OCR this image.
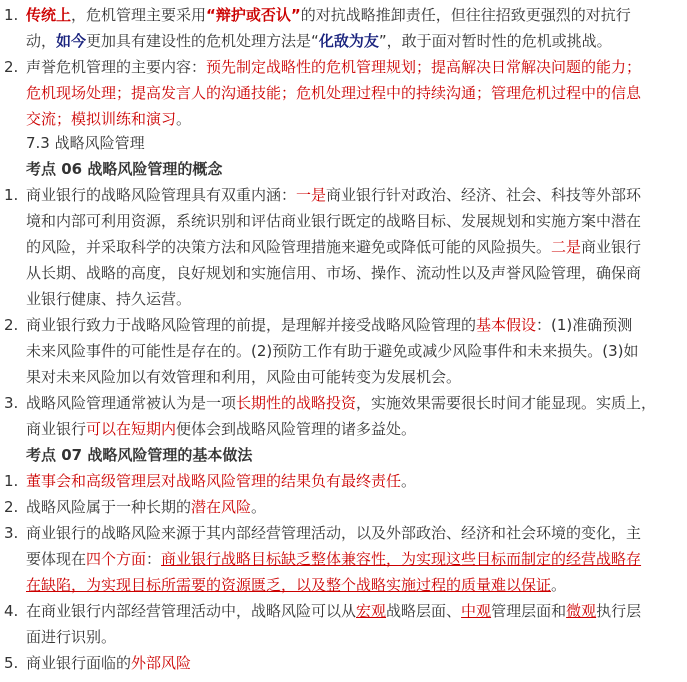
1. 传统上，危机管理主要采用“辩护或否认”的对抗战略推卸责任，但往往招致更强烈的对抗行
动，如今更加具有建设性的危机处理方法是“化敌为友”，敢于面对暂时性的危机或挑战。
2. 声誉危机管理的主要内容：预先制定战略性的危机管理规划；提高解决日常解决问题的能力；
危机现场处理；提高发言人的沟通技能；危机处理过程中的持续沟通；管理危机过程中的信息
交流；模拟训练和演习。
7.3 战略风险管理
考点 06 战略风险管理的概念
1. 商业银行的战略风险管理具有双重内涵：一是商业银行针对政治、经济、社会、科技等外部环
境和内部可利用资源，系统识别和评估商业银行既定的战略目标、发展规划和实施方案中潜在
的风险，并采取科学的决策方法和风险管理措施来避免或降低可能的风险损失。二是商业银行
从长期、战略的高度，良好规划和实施信用、市场、操作、流动性以及声誉风险管理，确保商
业银行健康、持久运营。
2. 商业银行致力于战略风险管理的前提，是理解并接受战略风险管理的基本假设：(1)准确预测
未来风险事件的可能性是存在的。(2)预防工作有助于避免或减少风险事件和未来损失。(3)如
果对未来风险加以有效管理和利用，风险由可能转变为发展机会。
3. 战略风险管理通常被认为是一项长期性的战略投资，实施效果需要很长时间才能显现。实质上，
商业银行可以在短期内便体会到战略风险管理的诸多益处。
考点 07 战略风险管理的基本做法
1. 董事会和高级管理层对战略风险管理的结果负有最终责任。
2. 战略风险属于一种长期的潜在风险。
3. 商业银行的战略风险来源于其内部经营管理活动，以及外部政治、经济和社会环境的变化，主
要体现在四个方面：商业银行战略目标缺乏整体兼容性，为实现这些目标而制定的经营战略存
在缺陷，为实现目标所需要的资源匮乏，以及整个战略实施过程的质量难以保证。
4. 在商业银行内部经营管理活动中，战略风险可以从宏观战略层面、中观管理层面和微观执行层
面进行识别。
5. 商业银行面临的外部风险
